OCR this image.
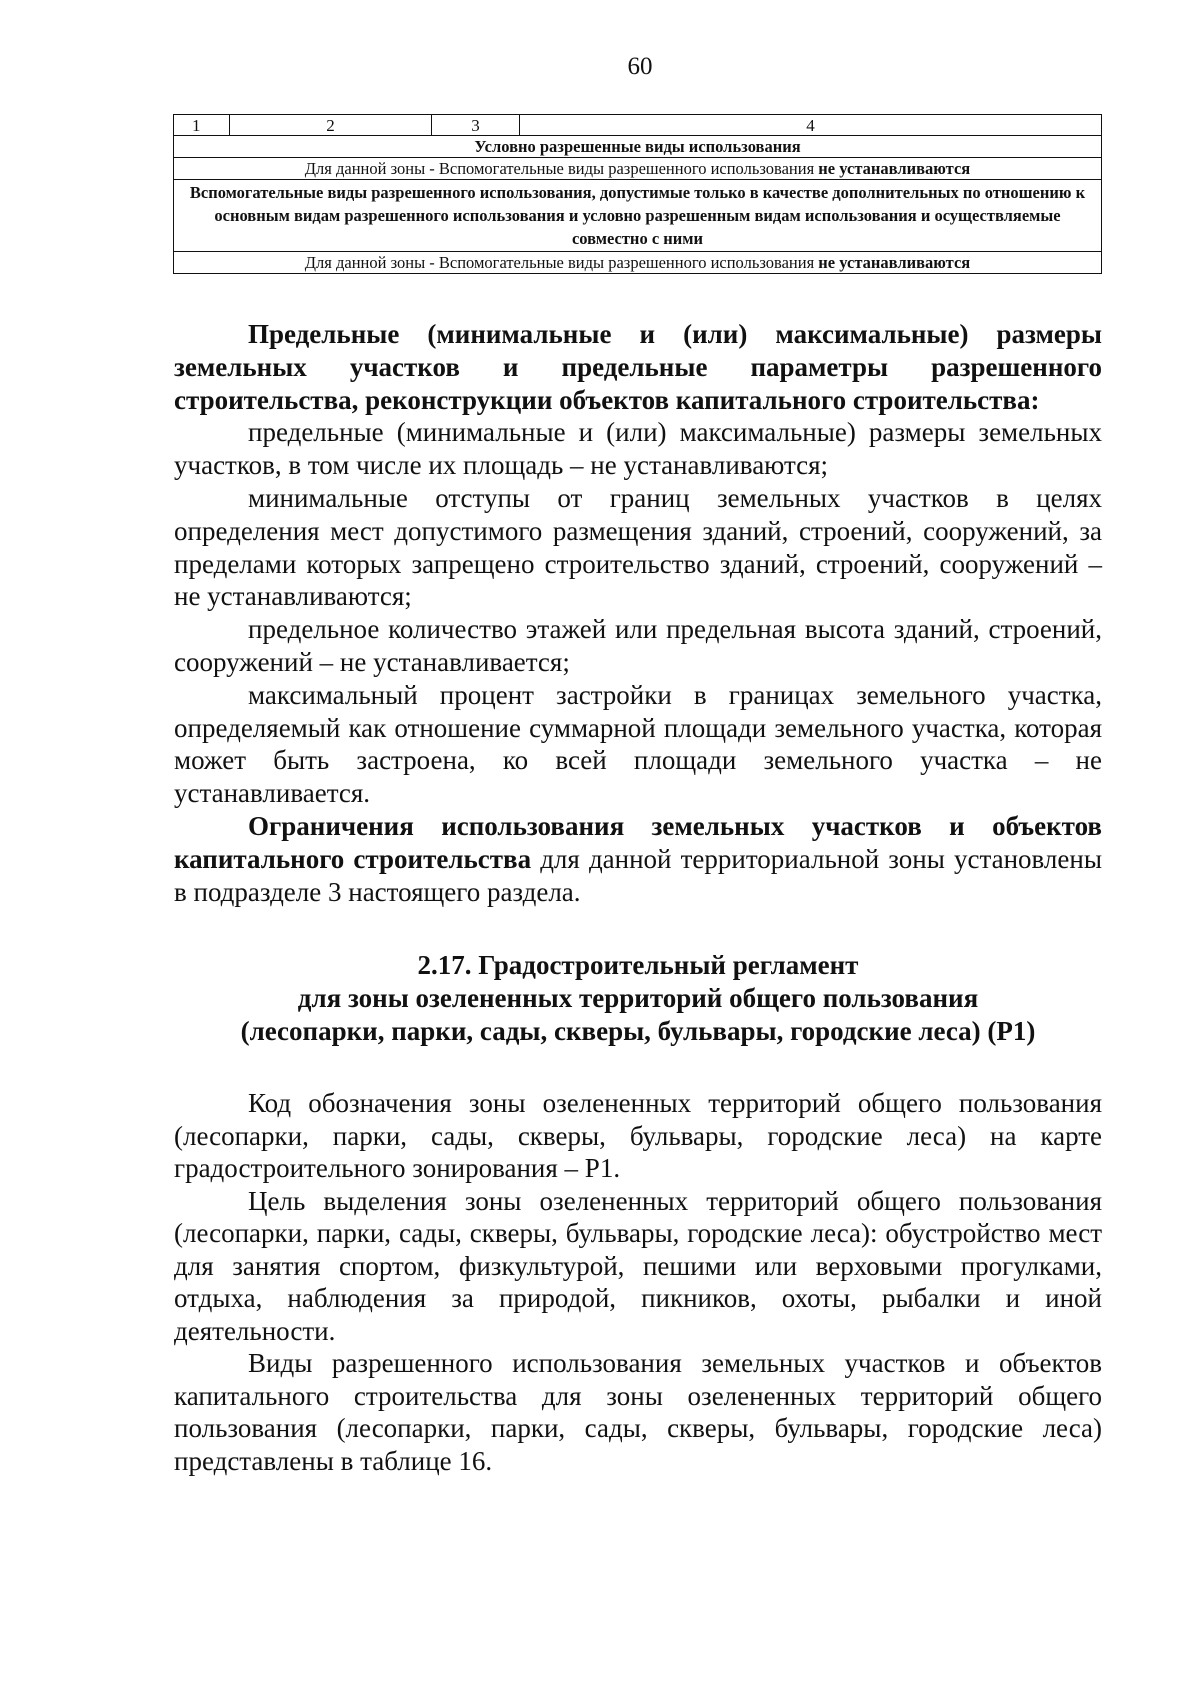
60
1	2	3	4
Условно разрешенные виды использования
Для данной зоны - Вспомогательные виды разрешенного использования не устанавливаются
Вспомогательные виды разрешенного использования, допустимые только в качестве дополнительных по отношению к основным видам разрешенного использования и условно разрешенным видам использования и осуществляемые совместно с ними
Для данной зоны - Вспомогательные виды разрешенного использования не устанавливаются

Предельные (минимальные и (или) максимальные) размеры земельных участков и предельные параметры разрешенного строительства, реконструкции объектов капитального строительства:

предельные (минимальные и (или) максимальные) размеры земельных участков, в том числе их площадь – не устанавливаются;

минимальные отступы от границ земельных участков в целях определения мест допустимого размещения зданий, строений, сооружений, за пределами которых запрещено строительство зданий, строений, сооружений – не устанавливаются;

предельное количество этажей или предельная высота зданий, строений, сооружений – не устанавливается;

максимальный процент застройки в границах земельного участка, определяемый как отношение суммарной площади земельного участка, которая может быть застроена, ко всей площади земельного участка – не устанавливается.

Ограничения использования земельных участков и объектов капитального строительства для данной территориальной зоны установлены в подразделе 3 настоящего раздела.

2.17. Градостроительный регламент
для зоны озелененных территорий общего пользования
(лесопарки, парки, сады, скверы, бульвары, городские леса) (Р1)

Код обозначения зоны озелененных территорий общего пользования (лесопарки, парки, сады, скверы, бульвары, городские леса) на карте градостроительного зонирования – Р1.

Цель выделения зоны озелененных территорий общего пользования (лесопарки, парки, сады, скверы, бульвары, городские леса): обустройство мест для занятия спортом, физкультурой, пешими или верховыми прогулками, отдыха, наблюдения за природой, пикников, охоты, рыбалки и иной деятельности.

Виды разрешенного использования земельных участков и объектов капитального строительства для зоны озелененных территорий общего пользования (лесопарки, парки, сады, скверы, бульвары, городские леса) представлены в таблице 16.
